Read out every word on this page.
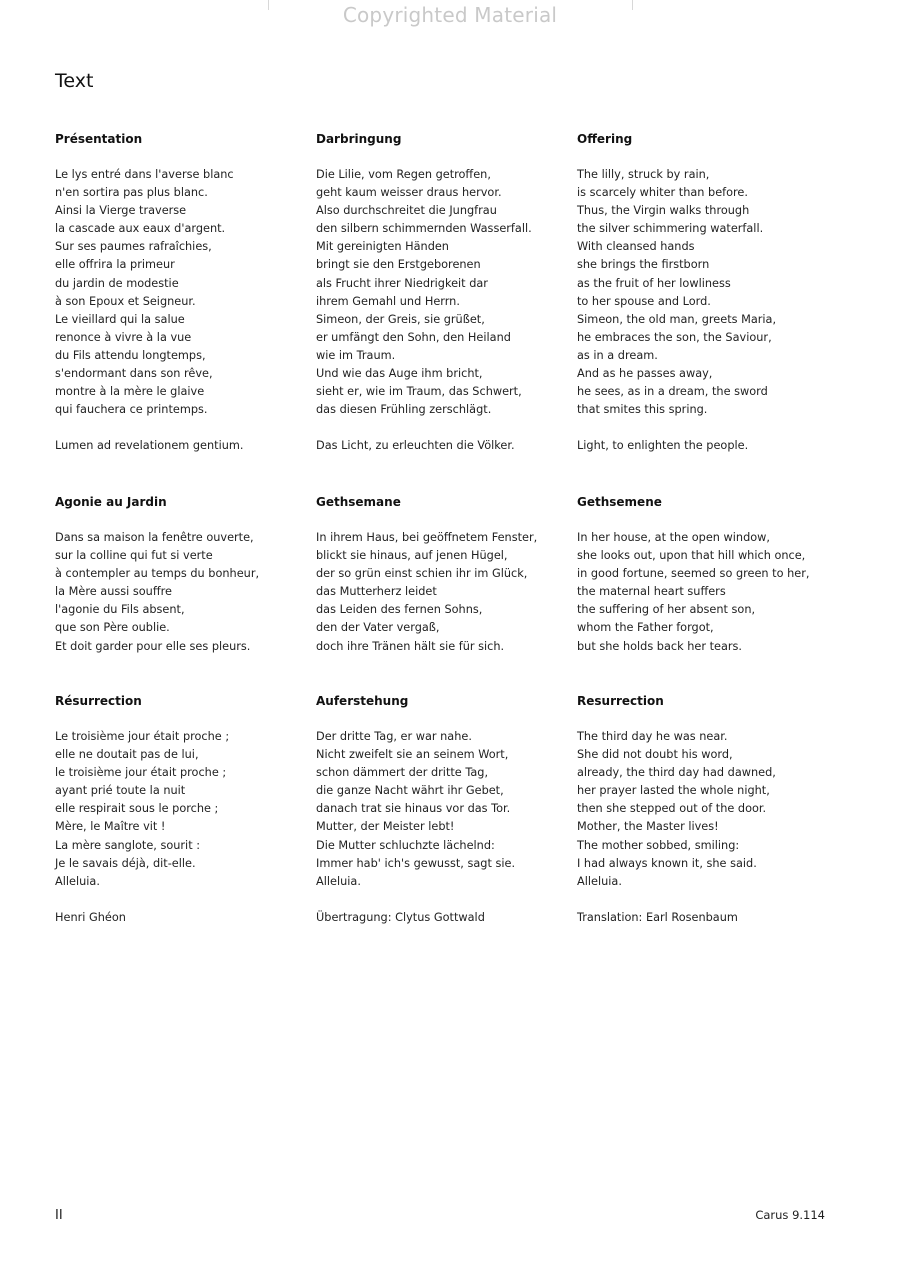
Copyrighted Material
Text
Présentation
Le lys entré dans l'averse blanc
n'en sortira pas plus blanc.
Ainsi la Vierge traverse
la cascade aux eaux d'argent.
Sur ses paumes rafraîchies,
elle offrira la primeur
du jardin de modestie
à son Epoux et Seigneur.
Le vieillard qui la salue
renonce à vivre à la vue
du Fils attendu longtemps,
s'endormant dans son rêve,
montre à la mère le glaive
qui fauchera ce printemps.

Lumen ad revelationem gentium.
Agonie au Jardin
Dans sa maison la fenêtre ouverte,
sur la colline qui fut si verte
à contempler au temps du bonheur,
la Mère aussi souffre
l'agonie du Fils absent,
que son Père oublie.
Et doit garder pour elle ses pleurs.
Résurrection
Le troisième jour était proche ;
elle ne doutait pas de lui,
le troisième jour était proche ;
ayant prié toute la nuit
elle respirait sous le porche ;
Mère, le Maître vit !
La mère sanglote, sourit :
Je le savais déjà, dit-elle.
Alleluia.
Henri Ghéon
Darbringung
Die Lilie, vom Regen getroffen,
geht kaum weisser draus hervor.
Also durchschreitet die Jungfrau
den silbern schimmernden Wasserfall.
Mit gereinigten Händen
bringt sie den Erstgeborenen
als Frucht ihrer Niedrigkeit dar
ihrem Gemahl und Herrn.
Simeon, der Greis, sie grüßet,
er umfängt den Sohn, den Heiland
wie im Traum.
Und wie das Auge ihm bricht,
sieht er, wie im Traum, das Schwert,
das diesen Frühling zerschlägt.

Das Licht, zu erleuchten die Völker.
Gethsemane
In ihrem Haus, bei geöffnetem Fenster,
blickt sie hinaus, auf jenen Hügel,
der so grün einst schien ihr im Glück,
das Mutterherz leidet
das Leiden des fernen Sohns,
den der Vater vergaß,
doch ihre Tränen hält sie für sich.
Auferstehung
Der dritte Tag, er war nahe.
Nicht zweifelt sie an seinem Wort,
schon dämmert der dritte Tag,
die ganze Nacht währt ihr Gebet,
danach trat sie hinaus vor das Tor.
Mutter, der Meister lebt!
Die Mutter schluchzte lächelnd:
Immer hab' ich's gewusst, sagt sie.
Alleluia.
Übertragung: Clytus Gottwald
Offering
The lilly, struck by rain,
is scarcely whiter than before.
Thus, the Virgin walks through
the silver schimmering waterfall.
With cleansed hands
she brings the firstborn
as the fruit of her lowliness
to her spouse and Lord.
Simeon, the old man, greets Maria,
he embraces the son, the Saviour,
as in a dream.
And as he passes away,
he sees, as in a dream, the sword
that smites this spring.

Light, to enlighten the people.
Gethsemene
In her house, at the open window,
she looks out, upon that hill which once,
in good fortune, seemed so green to her,
the maternal heart suffers
the suffering of her absent son,
whom the Father forgot,
but she holds back her tears.
Resurrection
The third day he was near.
She did not doubt his word,
already, the third day had dawned,
her prayer lasted the whole night,
then she stepped out of the door.
Mother, the Master lives!
The mother sobbed, smiling:
I had always known it, she said.
Alleluia.
Translation: Earl Rosenbaum
II	Carus 9.114
